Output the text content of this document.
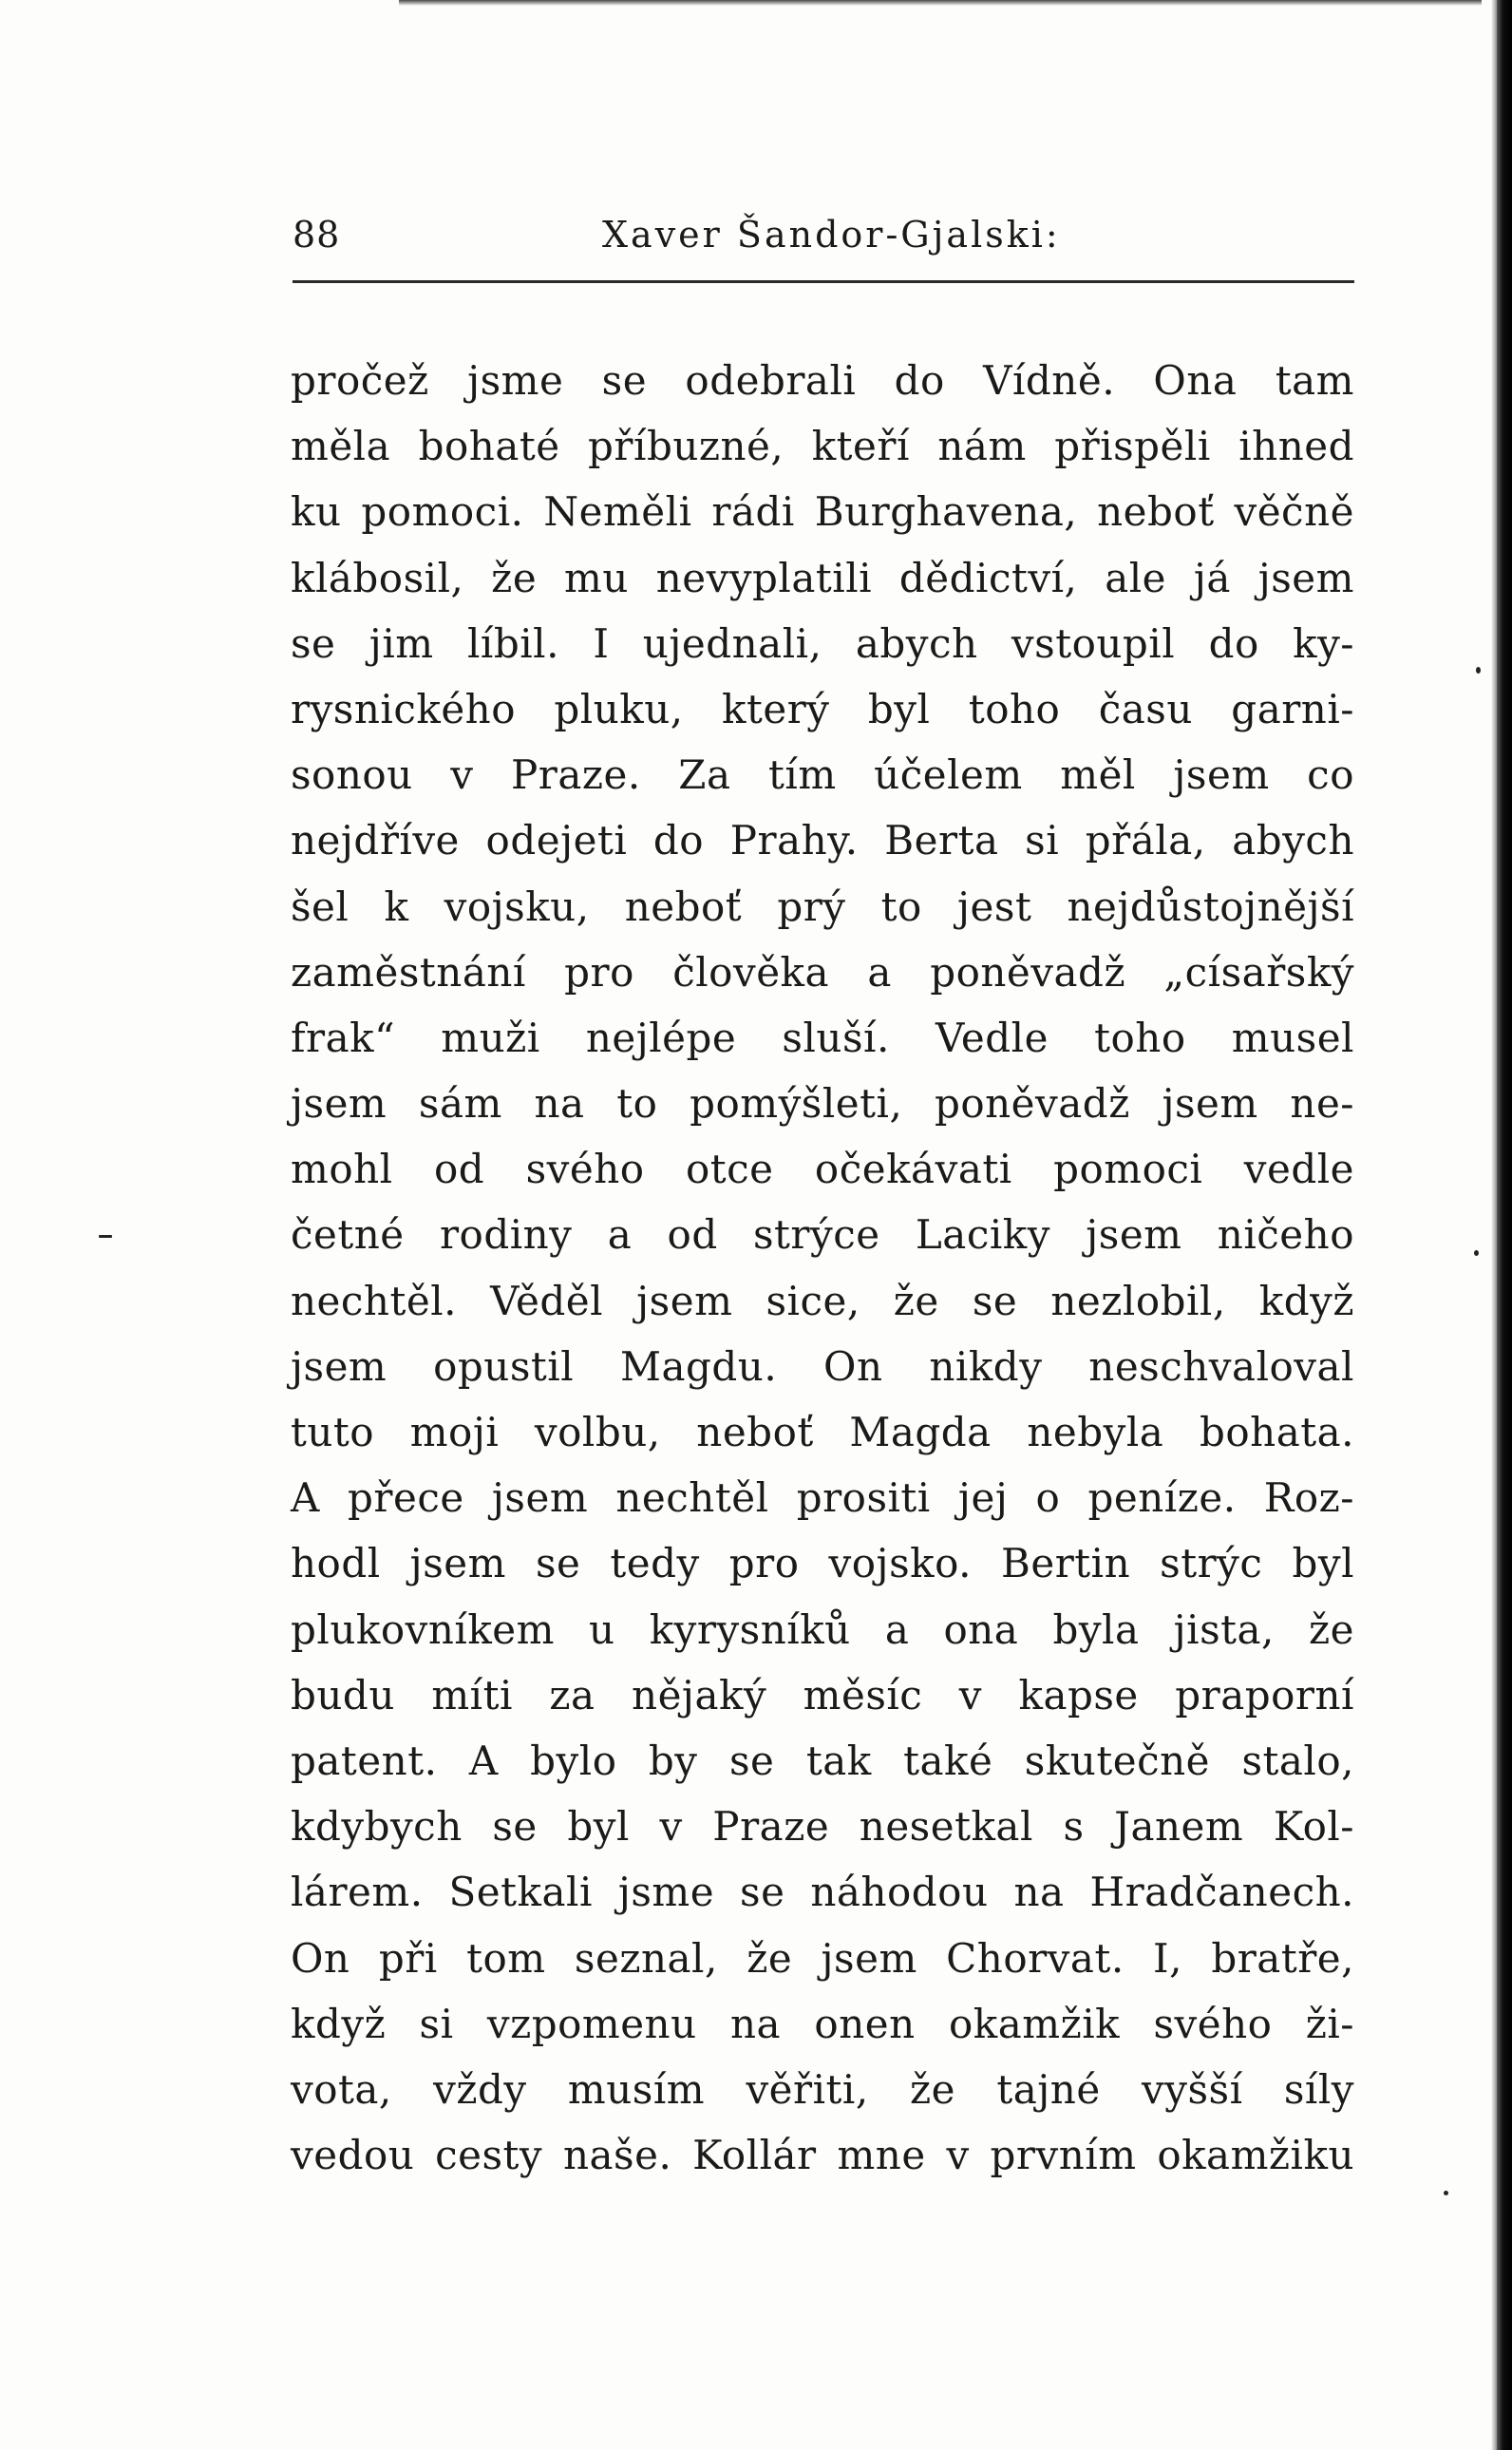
88	Xaver Šandor-Gjalski:
pročež jsme se odebrali do Vídně. Ona tam
měla bohaté příbuzné, kteří nám přispěli ihned
ku pomoci. Neměli rádi Burghavena, neboť věčně
klábosil, že mu nevyplatili dědictví, ale já jsem
se jim líbil. I ujednali, abych vstoupil do ky-
rysnického pluku, který byl toho času garni-
sonou v Praze. Za tím účelem měl jsem co
nejdříve odejeti do Prahy. Berta si přála, abych
šel k vojsku, neboť prý to jest nejdůstojnější
zaměstnání pro člověka a poněvadž „císařský
frak“ muži nejlépe sluší. Vedle toho musel
jsem sám na to pomýšleti, poněvadž jsem ne-
mohl od svého otce očekávati pomoci vedle
četné rodiny a od strýce Laciky jsem ničeho
nechtěl. Věděl jsem sice, že se nezlobil, když
jsem opustil Magdu. On nikdy neschvaloval
tuto moji volbu, neboť Magda nebyla bohata.
A přece jsem nechtěl prositi jej o peníze. Roz-
hodl jsem se tedy pro vojsko. Bertin strýc byl
plukovníkem u kyrysníků a ona byla jista, že
budu míti za nějaký měsíc v kapse praporní
patent. A bylo by se tak také skutečně stalo,
kdybych se byl v Praze nesetkal s Janem Kol-
lárem. Setkali jsme se náhodou na Hradčanech.
On při tom seznal, že jsem Chorvat. I, bratře,
když si vzpomenu na onen okamžik svého ži-
vota, vždy musím věřiti, že tajné vyšší síly
vedou cesty naše. Kollár mne v prvním okamžiku
